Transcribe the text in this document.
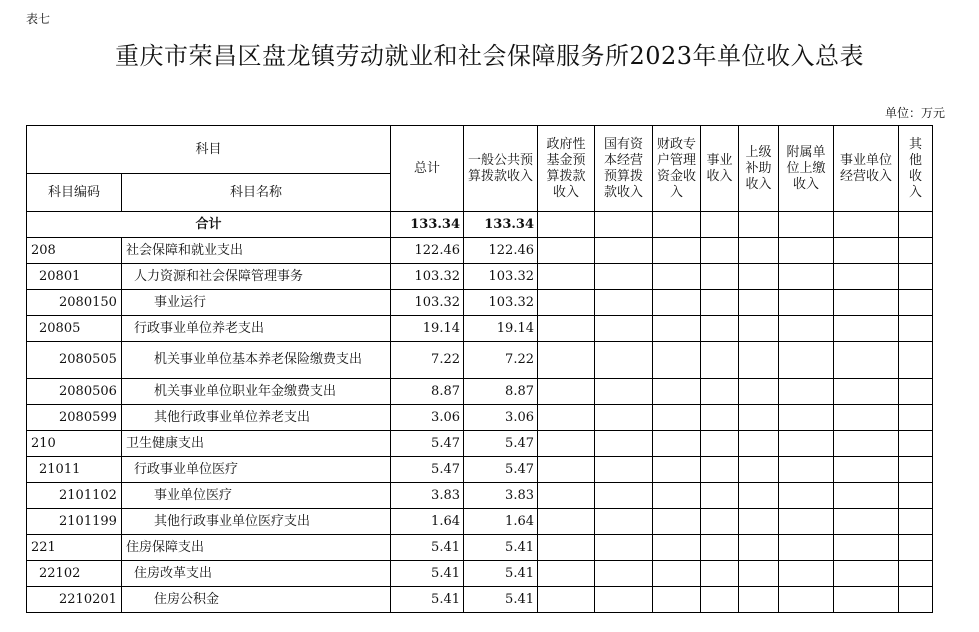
表七
重庆市荣昌区盘龙镇劳动就业和社会保障服务所2023年单位收入总表
单位：万元
科目		总计	一般公共预算拨款收入	政府性基金预算拨款收入	国有资本经营预算拨款收入	财政专户管理资金收入	事业收入	上级补助收入	附属单位上缴收入	事业单位经营收入	其他收入
科目编码	科目名称										
合计		133.34	133.34								
208	社会保障和就业支出	122.46	122.46								
20801	人力资源和社会保障管理事务	103.32	103.32								
2080150	事业运行	103.32	103.32								
20805	行政事业单位养老支出	19.14	19.14								
2080505	机关事业单位基本养老保险缴费支出	7.22	7.22								
2080506	机关事业单位职业年金缴费支出	8.87	8.87								
2080599	其他行政事业单位养老支出	3.06	3.06								
210	卫生健康支出	5.47	5.47								
21011	行政事业单位医疗	5.47	5.47								
2101102	事业单位医疗	3.83	3.83								
2101199	其他行政事业单位医疗支出	1.64	1.64								
221	住房保障支出	5.41	5.41								
22102	住房改革支出	5.41	5.41								
2210201	住房公积金	5.41	5.41								
